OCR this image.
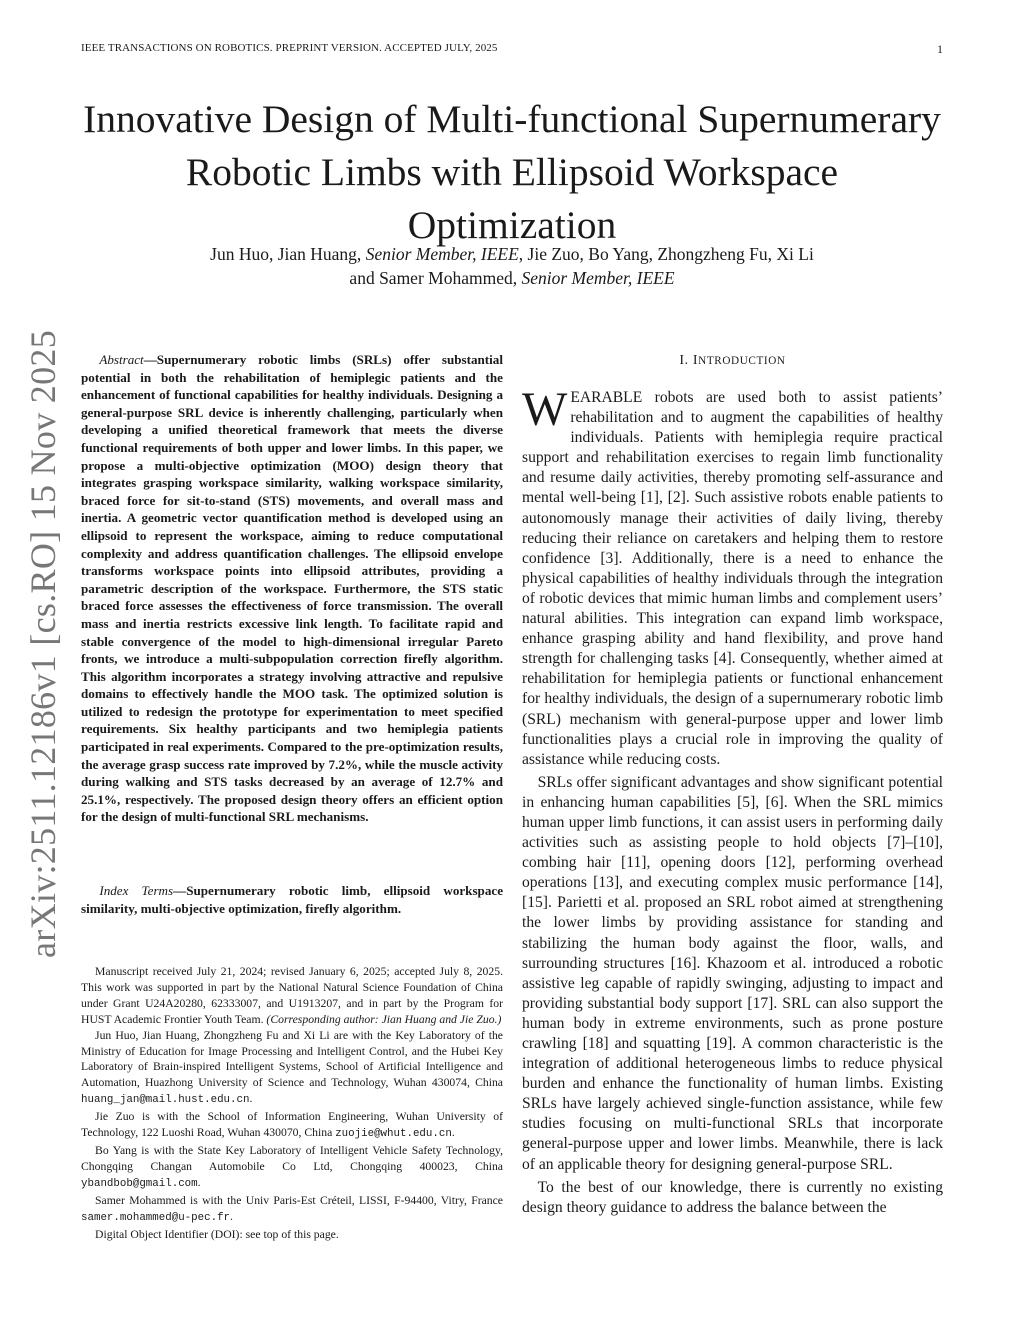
IEEE TRANSACTIONS ON ROBOTICS. PREPRINT VERSION. ACCEPTED JULY, 2025	1
Innovative Design of Multi-functional Supernumerary Robotic Limbs with Ellipsoid Workspace Optimization
Jun Huo, Jian Huang, Senior Member, IEEE, Jie Zuo, Bo Yang, Zhongzheng Fu, Xi Li
and Samer Mohammed, Senior Member, IEEE
arXiv:2511.12186v1 [cs.RO] 15 Nov 2025	Abstract—Supernumerary robotic limbs (SRLs) offer substantial potential in both the rehabilitation of hemiplegic patients and the enhancement of functional capabilities for healthy individuals. Designing a general-purpose SRL device is inherently challenging, particularly when developing a unified theoretical framework that meets the diverse functional requirements of both upper and lower limbs. In this paper, we propose a multi-objective optimization (MOO) design theory that integrates grasping workspace similarity, walking workspace similarity, braced force for sit-to-stand (STS) movements, and overall mass and inertia. A geometric vector quantification method is developed using an ellipsoid to represent the workspace, aiming to reduce computational complexity and address quantification challenges. The ellipsoid envelope transforms workspace points into ellipsoid attributes, providing a parametric description of the workspace. Furthermore, the STS static braced force assesses the effectiveness of force transmission. The overall mass and inertia restricts excessive link length. To facilitate rapid and stable convergence of the model to high-dimensional irregular Pareto fronts, we introduce a multi-subpopulation correction firefly algorithm. This algorithm incorporates a strategy involving attractive and repulsive domains to effectively handle the MOO task. The optimized solution is utilized to redesign the prototype for experimentation to meet specified requirements. Six healthy participants and two hemiplegia patients participated in real experiments. Compared to the pre-optimization results, the average grasp success rate improved by 7.2%, while the muscle activity during walking and STS tasks decreased by an average of 12.7% and 25.1%, respectively. The proposed design theory offers an efficient option for the design of multi-functional SRL mechanisms.
Index Terms—Supernumerary robotic limb, ellipsoid workspace similarity, multi-objective optimization, firefly algorithm.

Manuscript received July 21, 2024; revised January 6, 2025; accepted July 8, 2025. This work was supported in part by the National Natural Science Foundation of China under Grant U24A20280, 62333007, and U1913207, and in part by the Program for HUST Academic Frontier Youth Team. (Corresponding author: Jian Huang and Jie Zuo.)

Jun Huo, Jian Huang, Zhongzheng Fu and Xi Li are with the Key Laboratory of the Ministry of Education for Image Processing and Intelligent Control, and the Hubei Key Laboratory of Brain-inspired Intelligent Systems, School of Artificial Intelligence and Automation, Huazhong University of Science and Technology, Wuhan 430074, China huang_jan@mail.hust.edu.cn.

Jie Zuo is with the School of Information Engineering, Wuhan University of Technology, 122 Luoshi Road, Wuhan 430070, China zuojie@whut.edu.cn.

Bo Yang is with the State Key Laboratory of Intelligent Vehicle Safety Technology, Chongqing Changan Automobile Co Ltd, Chongqing 400023, China ybandbob@gmail.com.

Samer Mohammed is with the Univ Paris-Est Créteil, LISSI, F-94400, Vitry, France samer.mohammed@u-pec.fr.

Digital Object Identifier (DOI): see top of this page.

I. INTRODUCTION

WEARABLE robots are used both to assist patients’ rehabilitation and to augment the capabilities of healthy individuals. Patients with hemiplegia require practical support and rehabilitation exercises to regain limb functionality and resume daily activities, thereby promoting self-assurance and mental well-being [1], [2]. Such assistive robots enable patients to autonomously manage their activities of daily living, thereby reducing their reliance on caretakers and helping them to restore confidence [3]. Additionally, there is a need to enhance the physical capabilities of healthy individuals through the integration of robotic devices that mimic human limbs and complement users’ natural abilities. This integration can expand limb workspace, enhance grasping ability and hand flexibility, and prove hand strength for challenging tasks [4]. Consequently, whether aimed at rehabilitation for hemiplegia patients or functional enhancement for healthy individuals, the design of a supernumerary robotic limb (SRL) mechanism with general-purpose upper and lower limb functionalities plays a crucial role in improving the quality of assistance while reducing costs.

SRLs offer significant advantages and show significant potential in enhancing human capabilities [5], [6]. When the SRL mimics human upper limb functions, it can assist users in performing daily activities such as assisting people to hold objects [7]–[10], combing hair [11], opening doors [12], performing overhead operations [13], and executing complex music performance [14], [15]. Parietti et al. proposed an SRL robot aimed at strengthening the lower limbs by providing assistance for standing and stabilizing the human body against the floor, walls, and surrounding structures [16]. Khazoom et al. introduced a robotic assistive leg capable of rapidly swinging, adjusting to impact and providing substantial body support [17]. SRL can also support the human body in extreme environments, such as prone posture crawling [18] and squatting [19]. A common characteristic is the integration of additional heterogeneous limbs to reduce physical burden and enhance the functionality of human limbs. Existing SRLs have largely achieved single-function assistance, while few studies focusing on multi-functional SRLs that incorporate general-purpose upper and lower limbs. Meanwhile, there is lack of an applicable theory for designing general-purpose SRL.

To the best of our knowledge, there is currently no existing design theory guidance to address the balance between the
